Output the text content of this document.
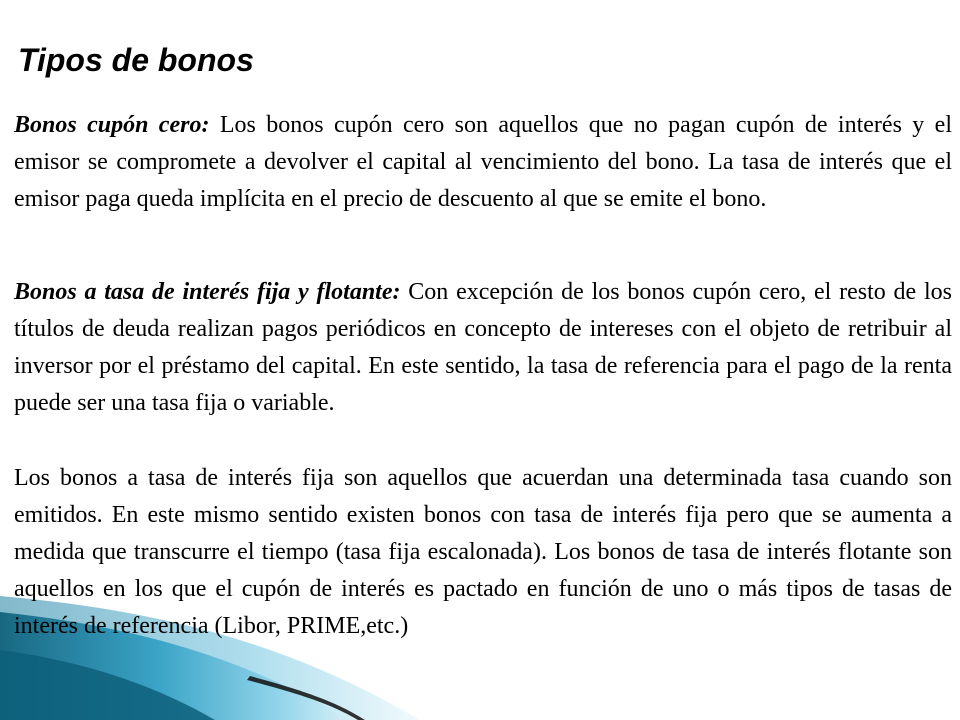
Tipos de bonos

Bonos cupón cero: Los bonos cupón cero son aquellos que no pagan cupón de interés y el emisor se compromete a devolver el capital al vencimiento del bono. La tasa de interés que el emisor paga queda implícita en el precio de descuento al que se emite el bono.

Bonos a tasa de interés fija y flotante: Con excepción de los bonos cupón cero, el resto de los títulos de deuda realizan pagos periódicos en concepto de intereses con el objeto de retribuir al inversor por el préstamo del capital. En este sentido, la tasa de referencia para el pago de la renta puede ser una tasa fija o variable.

Los bonos a tasa de interés fija son aquellos que acuerdan una determinada tasa cuando son emitidos. En este mismo sentido existen bonos con tasa de interés fija pero que se aumenta a medida que transcurre el tiempo (tasa fija escalonada). Los bonos de tasa de interés flotante son aquellos en los que el cupón de interés es pactado en función de uno o más tipos de tasas de interés de referencia (Libor, PRIME,etc.)
